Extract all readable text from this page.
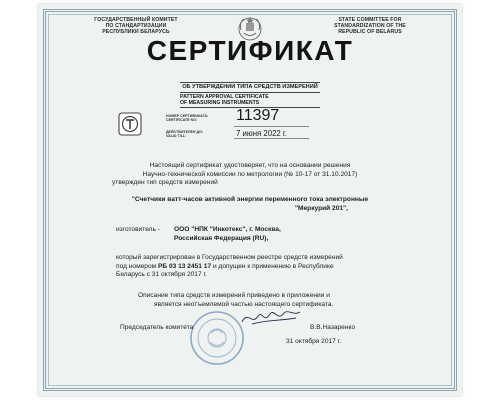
ГОСУДАРСТВЕННЫЙ КОМИТЕТ
ПО СТАНДАРТИЗАЦИИ
РЕСПУБЛИКИ БЕЛАРУСЬ
STATE COMMITTEE FOR
STANDARDIZATION OF THE
REPUBLIC OF BELARUS
СЕРТИФИКАТ
ОБ УТВЕРЖДЕНИИ ТИПА СРЕДСТВ ИЗМЕРЕНИЙ
PATTERN APPROVAL CERTIFICATE
OF MEASURING INSTRUMENTS
НОМЕР СЕРТИФИКАТА:
CERTIFICATE NO:	11397
ДЕЙСТВИТЕЛЕН ДО:
VALID TILL:	7 июня 2022 г.
Настоящий сертификат удостоверяет, что на основании решения
Научно-технической комиссии по метрологии (№ 10-17 от 31.10.2017)
утвержден тип средств измерений
"Счетчики ватт-часов активной энергии переменного тока электронные
"Меркурий 201",
изготовитель - ООО "НПК "Инкотекс", г. Москва,
Российская Федерация (RU),
который зарегистрирован в Государственном реестре средств измерений
под номером РБ 03 13 2451 17 и допущен к применению в Республике
Беларусь с 31 октября 2017 г.
Описание типа средств измерений приведено в приложении и
является неотъемлемой частью настоящего сертификата.
Председатель комитета	В.В.Назаренко
31 октября 2017 г.
